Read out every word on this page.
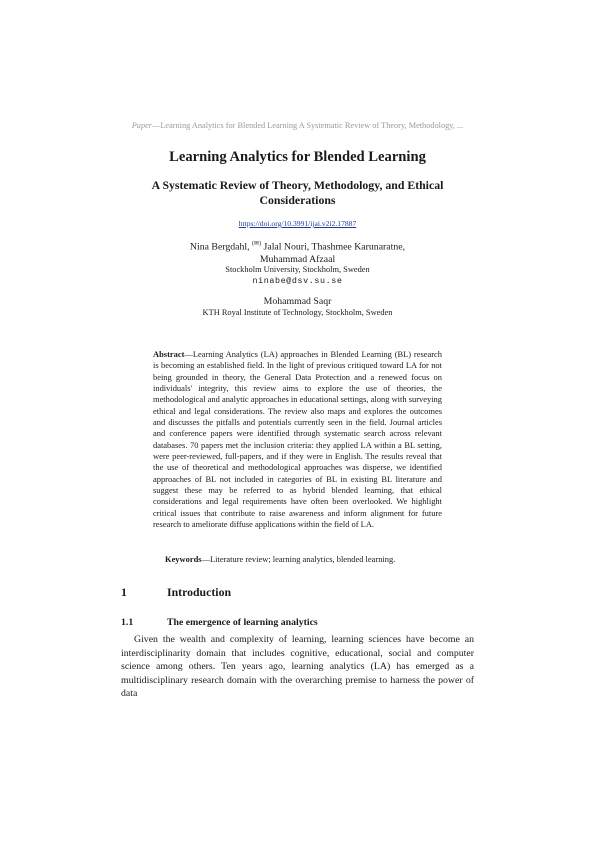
Paper—Learning Analytics for Blended Learning A Systematic Review of Theory, Methodology, ...
Learning Analytics for Blended Learning
A Systematic Review of Theory, Methodology, and Ethical Considerations
https://doi.org/10.3991/ijai.v2i2.17887
Nina Bergdahl, (✉) Jalal Nouri, Thashmee Karunaratne,
Muhammad Afzaal
Stockholm University, Stockholm, Sweden
ninabe@dsv.su.se
Mohammad Saqr
KTH Royal Institute of Technology, Stockholm, Sweden

Abstract—Learning Analytics (LA) approaches in Blended Learning (BL) research is becoming an established field. In the light of previous critiqued toward LA for not being grounded in theory, the General Data Protection and a renewed focus on individuals' integrity, this review aims to explore the use of theories, the methodological and analytic approaches in educational settings, along with surveying ethical and legal considerations. The review also maps and explores the outcomes and discusses the pitfalls and potentials currently seen in the field. Journal articles and conference papers were identified through systematic search across relevant databases. 70 papers met the inclusion criteria: they applied LA within a BL setting, were peer-reviewed, full-papers, and if they were in English. The results reveal that the use of theoretical and methodological approaches was disperse, we identified approaches of BL not included in categories of BL in existing BL literature and suggest these may be referred to as hybrid blended learning, that ethical considerations and legal requirements have often been overlooked. We highlight critical issues that contribute to raise awareness and inform alignment for future research to ameliorate diffuse applications within the field of LA.

Keywords—Literature review; learning analytics, blended learning.
1	Introduction
1.1	The emergence of learning analytics

Given the wealth and complexity of learning, learning sciences have become an interdisciplinarity domain that includes cognitive, educational, social and computer science among others. Ten years ago, learning analytics (LA) has emerged as a multidisciplinary research domain with the overarching premise to harness the power of data
